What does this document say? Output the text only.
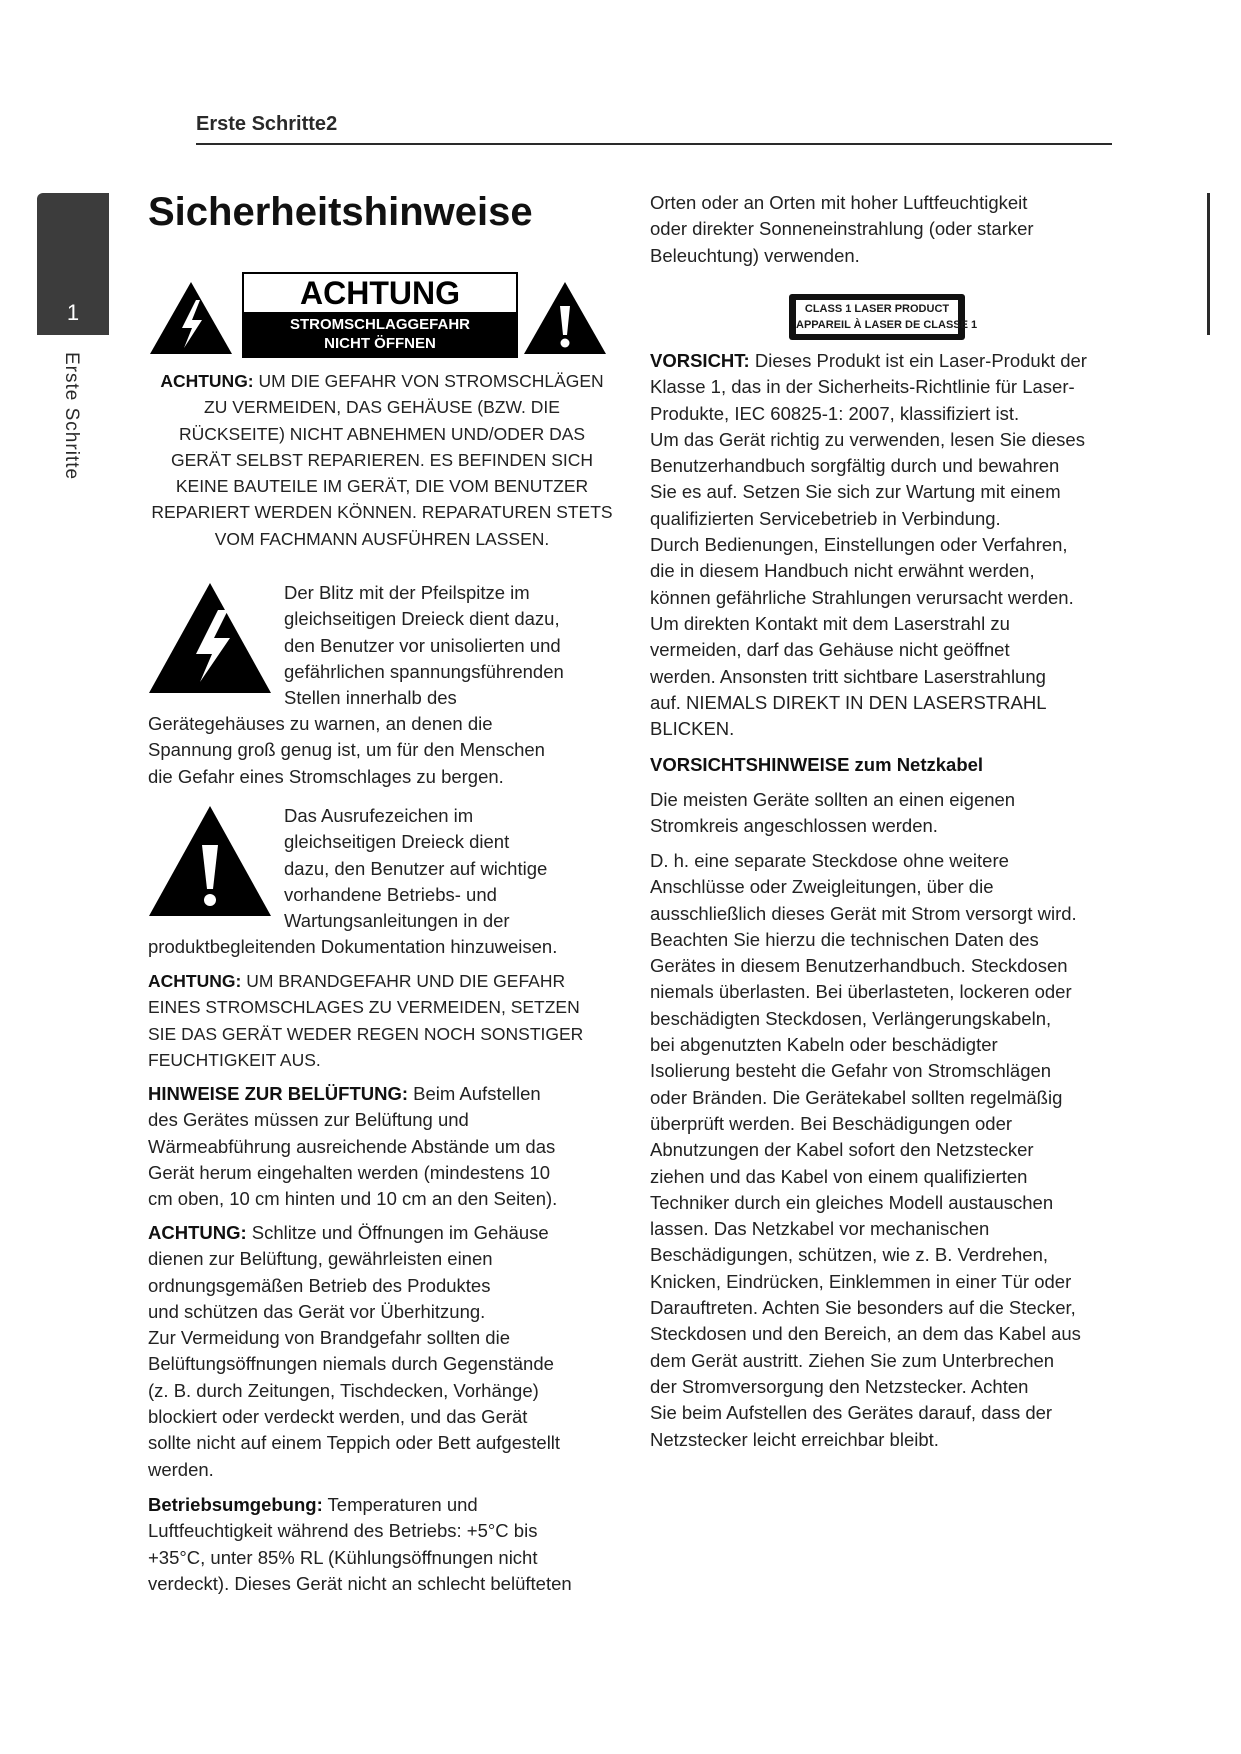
Erste Schritte2
1
Erste Schritte
Sicherheitshinweise
ACHTUNG
STROMSCHLAGGEFAHR
NICHT ÖFFNEN
ACHTUNG: UM DIE GEFAHR VON STROMSCHLÄGEN
ZU VERMEIDEN, DAS GEHÄUSE (BZW. DIE
RÜCKSEITE) NICHT ABNEHMEN UND/ODER DAS
GERÄT SELBST REPARIEREN. ES BEFINDEN SICH
KEINE BAUTEILE IM GERÄT, DIE VOM BENUTZER
REPARIERT WERDEN KÖNNEN. REPARATUREN STETS
VOM FACHMANN AUSFÜHREN LASSEN.
Der Blitz mit der Pfeilspitze im
gleichseitigen Dreieck dient dazu,
den Benutzer vor unisolierten und
gefährlichen spannungsführenden
Stellen innerhalb des
Gerätegehäuses zu warnen, an denen die
Spannung groß genug ist, um für den Menschen
die Gefahr eines Stromschlages zu bergen.
Das Ausrufezeichen im
gleichseitigen Dreieck dient
dazu, den Benutzer auf wichtige
vorhandene Betriebs- und
Wartungsanleitungen in der
produktbegleitenden Dokumentation hinzuweisen.
ACHTUNG: UM BRANDGEFAHR UND DIE GEFAHR
EINES STROMSCHLAGES ZU VERMEIDEN, SETZEN
SIE DAS GERÄT WEDER REGEN NOCH SONSTIGER
FEUCHTIGKEIT AUS.
HINWEISE ZUR BELÜFTUNG: Beim Aufstellen
des Gerätes müssen zur Belüftung und
Wärmeabführung ausreichende Abstände um das
Gerät herum eingehalten werden (mindestens 10
cm oben, 10 cm hinten und 10 cm an den Seiten).
ACHTUNG: Schlitze und Öffnungen im Gehäuse
dienen zur Belüftung, gewährleisten einen
ordnungsgemäßen Betrieb des Produktes
und schützen das Gerät vor Überhitzung.
Zur Vermeidung von Brandgefahr sollten die
Belüftungsöffnungen niemals durch Gegenstände
(z. B. durch Zeitungen, Tischdecken, Vorhänge)
blockiert oder verdeckt werden, und das Gerät
sollte nicht auf einem Teppich oder Bett aufgestellt
werden.
Betriebsumgebung: Temperaturen und
Luftfeuchtigkeit während des Betriebs: +5°C bis
+35°C, unter 85% RL (Kühlungsöffnungen nicht
verdeckt). Dieses Gerät nicht an schlecht belüfteten
Orten oder an Orten mit hoher Luftfeuchtigkeit
oder direkter Sonneneinstrahlung (oder starker
Beleuchtung) verwenden.
CLASS 1 LASER PRODUCT
APPAREIL À LASER DE CLASSE 1
VORSICHT: Dieses Produkt ist ein Laser-Produkt der
Klasse 1, das in der Sicherheits-Richtlinie für Laser-
Produkte, IEC 60825-1: 2007, klassifiziert ist.
Um das Gerät richtig zu verwenden, lesen Sie dieses
Benutzerhandbuch sorgfältig durch und bewahren
Sie es auf. Setzen Sie sich zur Wartung mit einem
qualifizierten Servicebetrieb in Verbindung.
Durch Bedienungen, Einstellungen oder Verfahren,
die in diesem Handbuch nicht erwähnt werden,
können gefährliche Strahlungen verursacht werden.
Um direkten Kontakt mit dem Laserstrahl zu
vermeiden, darf das Gehäuse nicht geöffnet
werden. Ansonsten tritt sichtbare Laserstrahlung
auf. NIEMALS DIREKT IN DEN LASERSTRAHL
BLICKEN.
VORSICHTSHINWEISE zum Netzkabel
Die meisten Geräte sollten an einen eigenen
Stromkreis angeschlossen werden.
D. h. eine separate Steckdose ohne weitere
Anschlüsse oder Zweigleitungen, über die
ausschließlich dieses Gerät mit Strom versorgt wird.
Beachten Sie hierzu die technischen Daten des
Gerätes in diesem Benutzerhandbuch. Steckdosen
niemals überlasten. Bei überlasteten, lockeren oder
beschädigten Steckdosen, Verlängerungskabeln,
bei abgenutzten Kabeln oder beschädigter
Isolierung besteht die Gefahr von Stromschlägen
oder Bränden. Die Gerätekabel sollten regelmäßig
überprüft werden. Bei Beschädigungen oder
Abnutzungen der Kabel sofort den Netzstecker
ziehen und das Kabel von einem qualifizierten
Techniker durch ein gleiches Modell austauschen
lassen. Das Netzkabel vor mechanischen
Beschädigungen, schützen, wie z. B. Verdrehen,
Knicken, Eindrücken, Einklemmen in einer Tür oder
Darauftreten. Achten Sie besonders auf die Stecker,
Steckdosen und den Bereich, an dem das Kabel aus
dem Gerät austritt. Ziehen Sie zum Unterbrechen
der Stromversorgung den Netzstecker. Achten
Sie beim Aufstellen des Gerätes darauf, dass der
Netzstecker leicht erreichbar bleibt.
